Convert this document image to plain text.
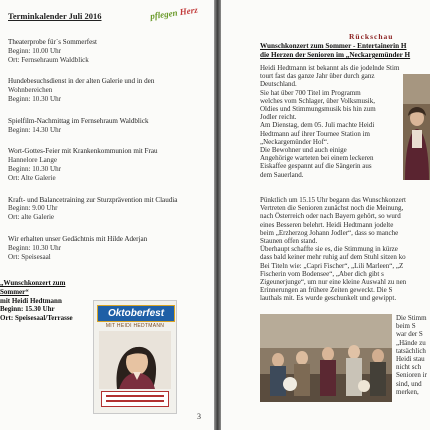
Terminkalender Juli 2016	pflegen Herz
Theaterprobe für´s Sommerfest
Beginn: 10.00 Uhr
Ort: Fernsehraum Waldblick
Hundebesuchsdienst in der alten Galerie und in den
Wohnbereichen
Beginn: 10.30 Uhr
Spielfilm-Nachmittag im Fernsehraum Waldblick
Beginn: 14.30 Uhr
Wort-Gottes-Feier mit Krankenkommunion mit Frau
Hannelore Lange
Beginn: 10.30 Uhr
Ort: Alte Galerie
Kraft- und Balancetraining zur Sturzprävention mit Claudia
Beginn: 9.00 Uhr
Ort: alte Galerie
Wir erhalten unser Gedächtnis mit Hilde Aderjan
Beginn: 10.30 Uhr
Ort: Speisesaal
„Wunschkonzert zum Sommer“
mit Heidi Hedtmann
Beginn: 15.30 Uhr
Ort: Speisesaal/Terrasse	Oktoberfest
MIT HEIDI HEDTMANN
3
Rückschau
Wunschkonzert zum Sommer - Entertainerin H
die Herzen der Senioren im „Neckargemünder H
Heidi Hedtmann ist bekannt als die jodelnde Stim
tourt fast das ganze Jahr über durch ganz
Deutschland.
Sie hat über 700 Titel im Programm
welches vom Schlager, über Volksmusik,
Oldies und Stimmungsmusik bis hin zum
Jodler reicht.
Am Dienstag, dem 05. Juli machte Heidi
Hedtmann auf ihrer Tournee Station im
„Neckargemünder Hof“.
Die Bewohner und auch einige
Angehörige warteten bei einem leckeren
Eiskaffee gespannt auf die Sängerin aus
dem Sauerland.
Pünktlich um 15.15 Uhr begann das Wunschkonzert
Vertreten die Senioren zunächst noch die Meinung,
nach Österreich oder nach Bayern gehört, so wurd
eines Besseren belehrt. Heidi Hedtmann jodelte
beim „Erzherzog Johann Jodler“, dass so manche
Staunen offen stand.
Überhaupt schaffte sie es, die Stimmung in kürze
dass bald keiner mehr ruhig auf dem Stuhl sitzen ko
Bei Titeln wie: „Capri Fischer“, „Lili Marleen“, „Z
Fischerin vom Bodensee“, „Aber dich gibt s
Zigeunerjunge“, um nur eine kleine Auswahl zu nen
Erinnerungen an frühere Zeiten geweckt. Die S
lauthals mit. Es wurde geschunkelt und gewippt.
Die Stimm
beim S
war der S
„Hände zu
tatsächlich
Heidi stau
nicht sch
Senioren ir
sind, und
merken,
